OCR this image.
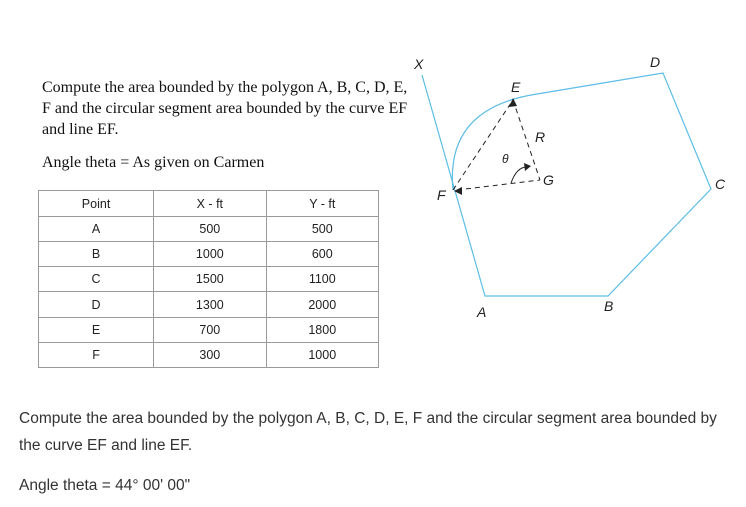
Compute the area bounded by the polygon A, B, C, D, E, F and the circular segment area bounded by the curve EF and line EF.
Angle theta = As given on Carmen
Point	X - ft	Y - ft
A	500	500
B	1000	600
C	1500	1100
D	1300	2000
E	700	1800
F	300	1000
X	D
E
R
θ
G	C
F
A	B
Compute the area bounded by the polygon A, B, C, D, E, F and the circular segment area bounded by the curve EF and line EF.
Angle theta = 44° 00' 00"
